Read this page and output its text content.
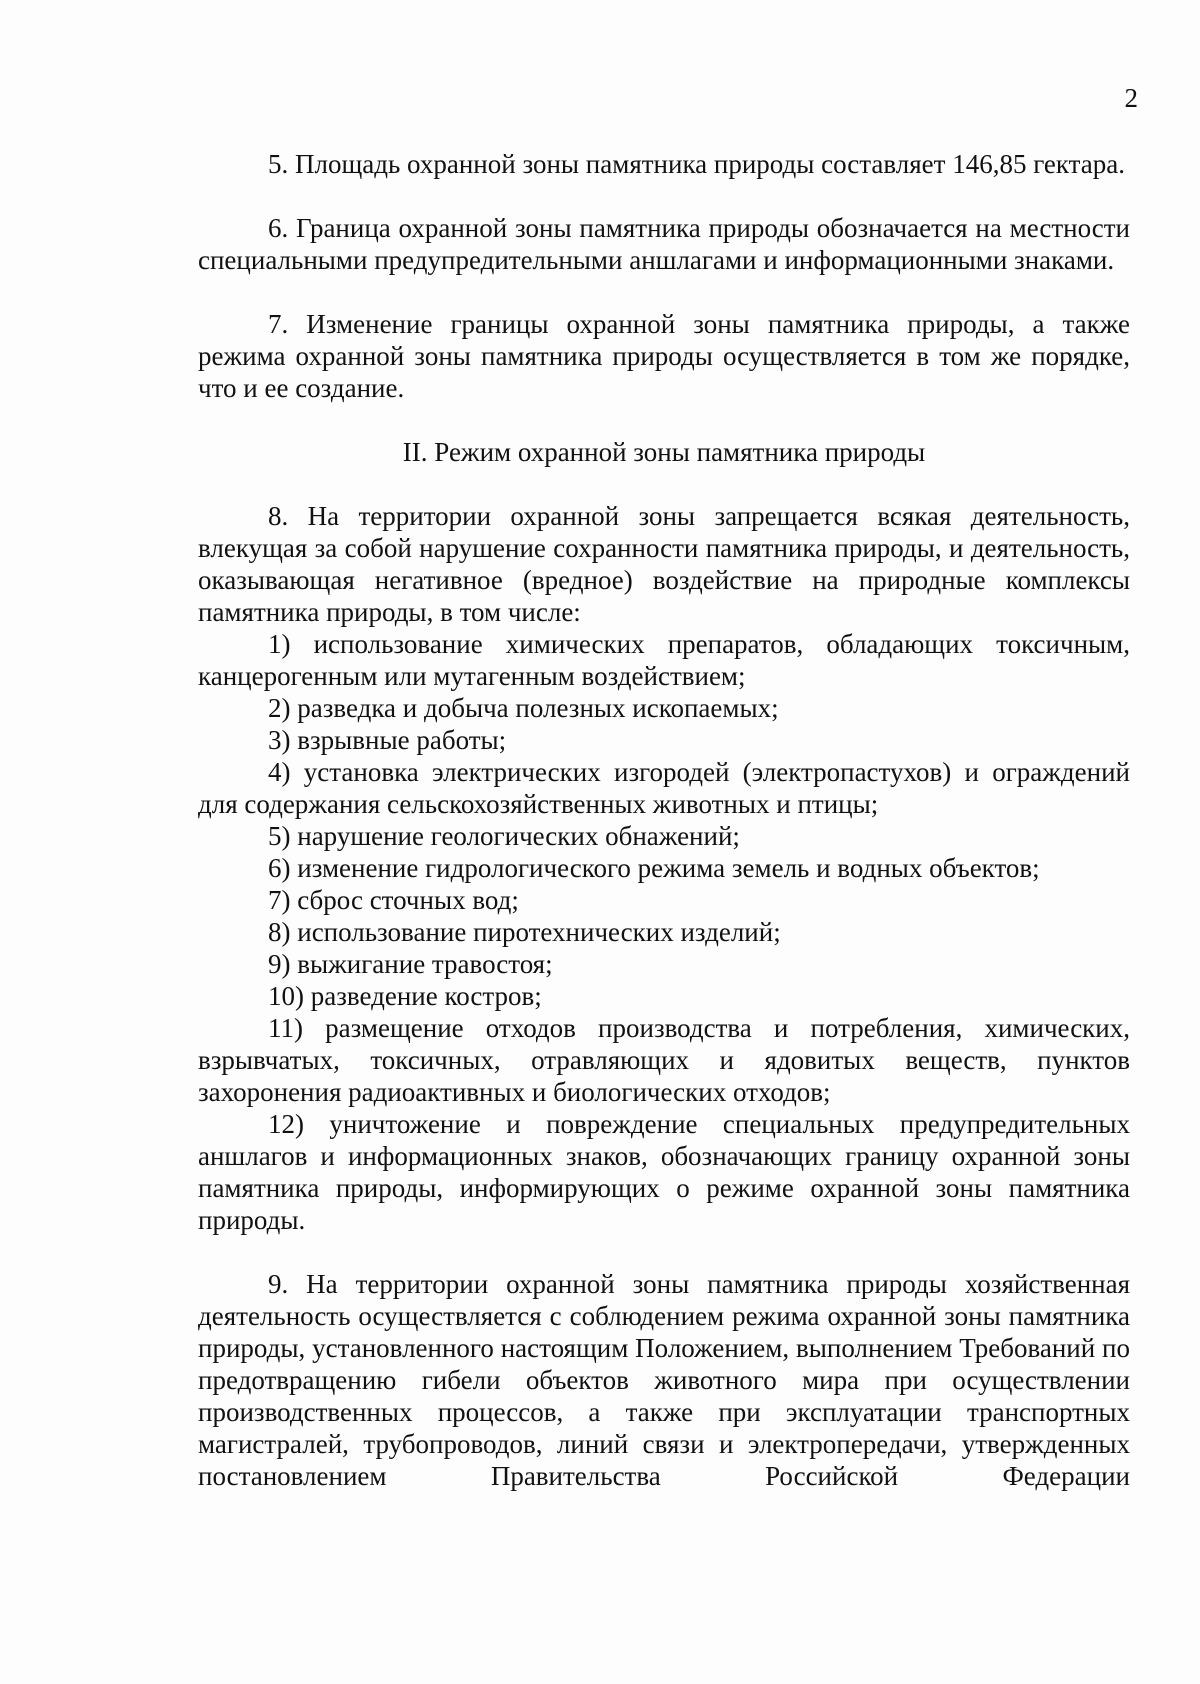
2

5. Площадь охранной зоны памятника природы составляет 146,85 гектара.

6. Граница охранной зоны памятника природы обозначается на местности специальными предупредительными аншлагами и информационными знаками.

7. Изменение границы охранной зоны памятника природы, а также режима охранной зоны памятника природы осуществляется в том же порядке, что и ее создание.

II. Режим охранной зоны памятника природы

8. На территории охранной зоны запрещается всякая деятельность, влекущая за собой нарушение сохранности памятника природы, и деятельность, оказывающая негативное (вредное) воздействие на природные комплексы памятника природы, в том числе:

1) использование химических препаратов, обладающих токсичным, канцерогенным или мутагенным воздействием;

2) разведка и добыча полезных ископаемых;

3) взрывные работы;

4) установка электрических изгородей (электропастухов) и ограждений для содержания сельскохозяйственных животных и птицы;

5) нарушение геологических обнажений;

6) изменение гидрологического режима земель и водных объектов;

7) сброс сточных вод;

8) использование пиротехнических изделий;

9) выжигание травостоя;

10) разведение костров;

11) размещение отходов производства и потребления, химических, взрывчатых, токсичных, отравляющих и ядовитых веществ, пунктов захоронения радиоактивных и биологических отходов;

12) уничтожение и повреждение специальных предупредительных аншлагов и информационных знаков, обозначающих границу охранной зоны памятника природы, информирующих о режиме охранной зоны памятника природы.

9. На территории охранной зоны памятника природы хозяйственная деятельность осуществляется с соблюдением режима охранной зоны памятника природы, установленного настоящим Положением, выполнением Требований по предотвращению гибели объектов животного мира при осуществлении производственных процессов, а также при эксплуатации транспортных магистралей, трубопроводов, линий связи и электропередачи, утвержденных постановлением Правительства Российской Федерации
